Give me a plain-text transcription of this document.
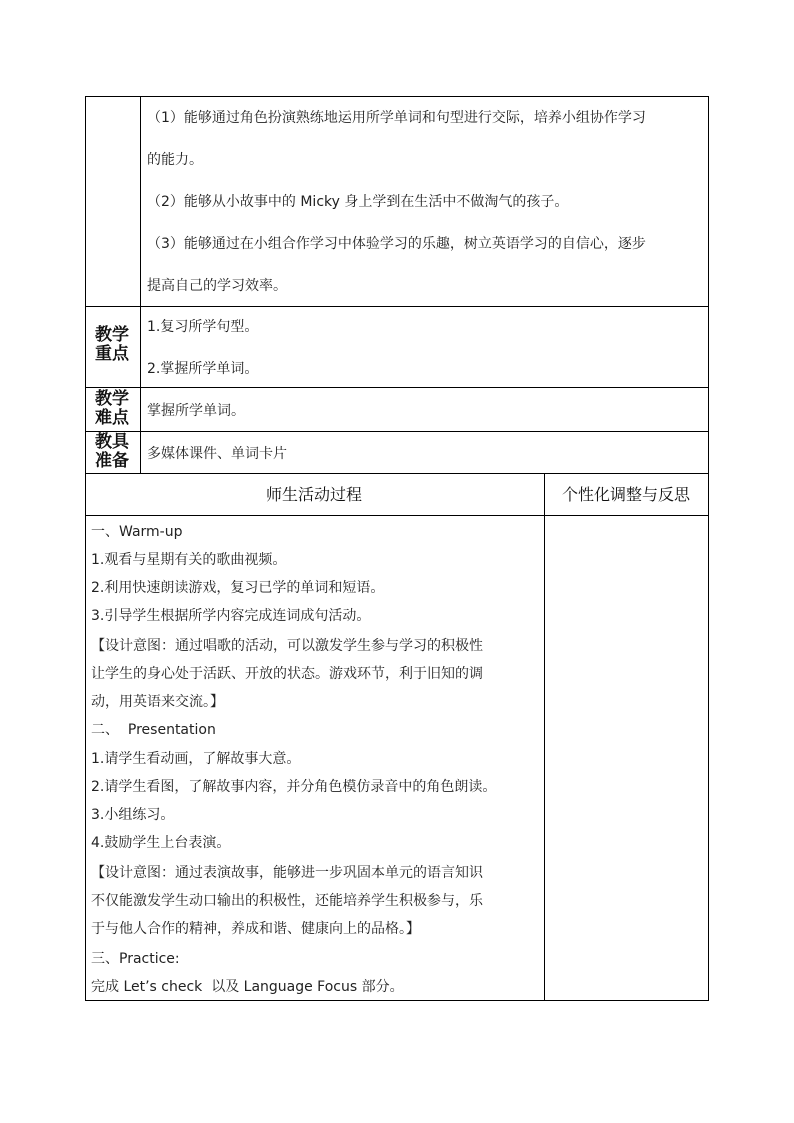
（1）能够通过角色扮演熟练地运用所学单词和句型进行交际，培养小组协作学习
的能力。
（2）能够从小故事中的 Micky 身上学到在生活中不做淘气的孩子。
（3）能够通过在小组合作学习中体验学习的乐趣，树立英语学习的自信心，逐步
提高自己的学习效率。
教学
重点
1.复习所学句型。
2.掌握所学单词。
教学
难点 掌握所学单词。
教具
准备 多媒体课件、单词卡片
师生活动过程	个性化调整与反思
一、Warm-up
1.观看与星期有关的歌曲视频。
2.利用快速朗读游戏，复习已学的单词和短语。
3.引导学生根据所学内容完成连词成句活动。
【设计意图：通过唱歌的活动，可以激发学生参与学习的积极性
让学生的身心处于活跃、开放的状态。游戏环节，利于旧知的调
动，用英语来交流。】
二、  Presentation
1.请学生看动画，了解故事大意。
2.请学生看图，了解故事内容，并分角色模仿录音中的角色朗读。
3.小组练习。
4.鼓励学生上台表演。
【设计意图：通过表演故事，能够进一步巩固本单元的语言知识
不仅能激发学生动口输出的积极性，还能培养学生积极参与，乐
于与他人合作的精神，养成和谐、健康向上的品格。】
三、Practice:
完成 Let’s check  以及 Language Focus 部分。
